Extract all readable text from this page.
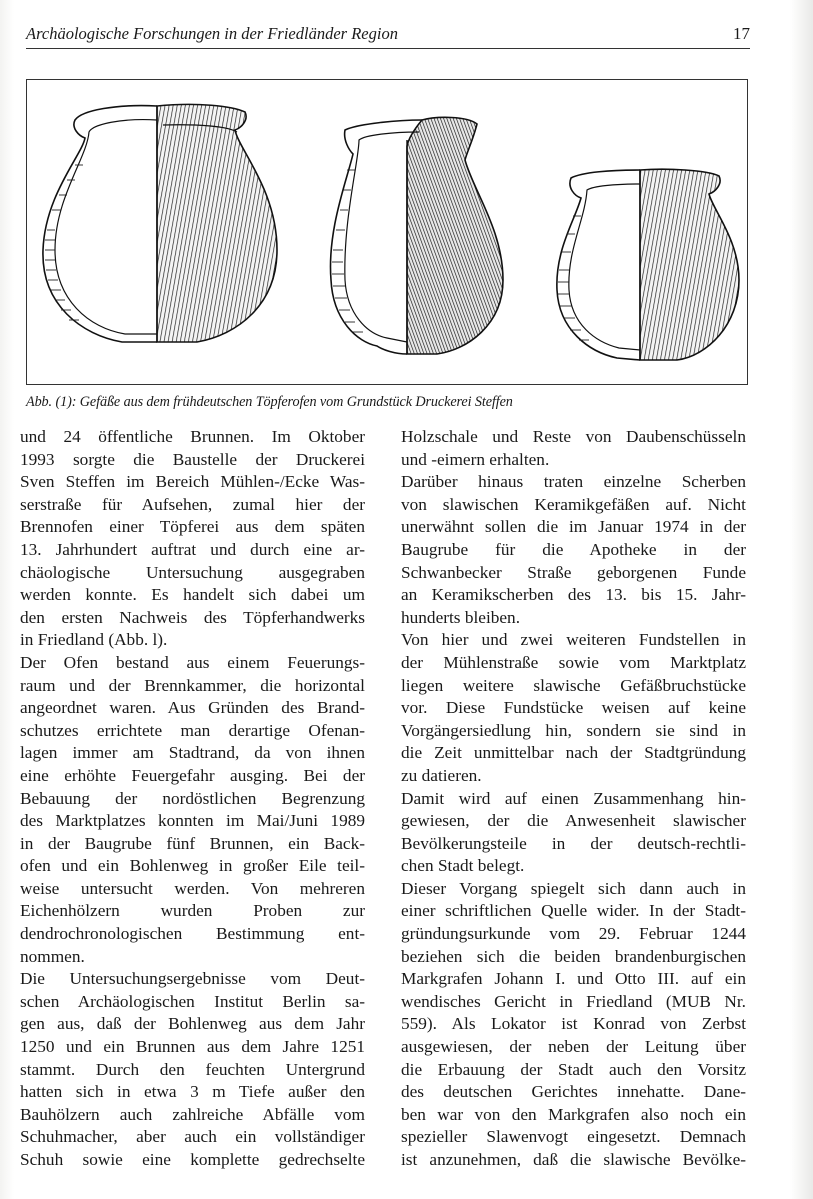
Archäologische Forschungen in der Friedländer Region	17
Abb. (1): Gefäße aus dem frühdeutschen Töpferofen vom Grundstück Druckerei Steffen
und 24 öffentliche Brunnen. Im Oktober
1993 sorgte die Baustelle der Druckerei
Sven Steffen im Bereich Mühlen-/Ecke Was-
serstraße für Aufsehen, zumal hier der
Brennofen einer Töpferei aus dem späten
13. Jahrhundert auftrat und durch eine ar-
chäologische Untersuchung ausgegraben
werden konnte. Es handelt sich dabei um
den ersten Nachweis des Töpferhandwerks
in Friedland (Abb. l).
Der Ofen bestand aus einem Feuerungs-
raum und der Brennkammer, die horizontal
angeordnet waren. Aus Gründen des Brand-
schutzes errichtete man derartige Ofenan-
lagen immer am Stadtrand, da von ihnen
eine erhöhte Feuergefahr ausging. Bei der
Bebauung der nordöstlichen Begrenzung
des Marktplatzes konnten im Mai/Juni 1989
in der Baugrube fünf Brunnen, ein Back-
ofen und ein Bohlenweg in großer Eile teil-
weise untersucht werden. Von mehreren
Eichenhölzern wurden Proben zur
dendrochronologischen Bestimmung ent-
nommen.
Die Untersuchungsergebnisse vom Deut-
schen Archäologischen Institut Berlin sa-
gen aus, daß der Bohlenweg aus dem Jahr
1250 und ein Brunnen aus dem Jahre 1251
stammt. Durch den feuchten Untergrund
hatten sich in etwa 3 m Tiefe außer den
Bauhölzern auch zahlreiche Abfälle vom
Schuhmacher, aber auch ein vollständiger
Schuh sowie eine komplette gedrechselte
Holzschale und Reste von Daubenschüsseln
und -eimern erhalten.
Darüber hinaus traten einzelne Scherben
von slawischen Keramikgefäßen auf. Nicht
unerwähnt sollen die im Januar 1974 in der
Baugrube für die Apotheke in der
Schwanbecker Straße geborgenen Funde
an Keramikscherben des 13. bis 15. Jahr-
hunderts bleiben.
Von hier und zwei weiteren Fundstellen in
der Mühlenstraße sowie vom Marktplatz
liegen weitere slawische Gefäßbruchstücke
vor. Diese Fundstücke weisen auf keine
Vorgängersiedlung hin, sondern sie sind in
die Zeit unmittelbar nach der Stadtgründung
zu datieren.
Damit wird auf einen Zusammenhang hin-
gewiesen, der die Anwesenheit slawischer
Bevölkerungsteile in der deutsch-rechtli-
chen Stadt belegt.
Dieser Vorgang spiegelt sich dann auch in
einer schriftlichen Quelle wider. In der Stadt-
gründungsurkunde vom 29. Februar 1244
beziehen sich die beiden brandenburgischen
Markgrafen Johann I. und Otto III. auf ein
wendisches Gericht in Friedland (MUB Nr.
559). Als Lokator ist Konrad von Zerbst
ausgewiesen, der neben der Leitung über
die Erbauung der Stadt auch den Vorsitz
des deutschen Gerichtes innehatte. Dane-
ben war von den Markgrafen also noch ein
spezieller Slawenvogt eingesetzt. Demnach
ist anzunehmen, daß die slawische Bevölke-
